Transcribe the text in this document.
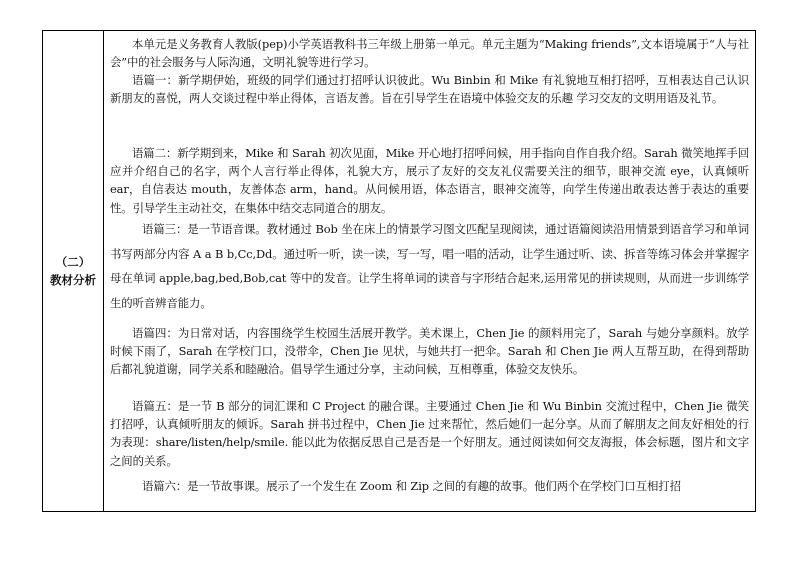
（二）
教材分析

本单元是义务教育人教版(pep)小学英语教科书三年级上册第一单元。单元主题为“Making friends”,文本语境属于“人与社会”中的社会服务与人际沟通，文明礼貌等进行学习。

语篇一：新学期伊始，班级的同学们通过打招呼认识彼此。Wu Binbin 和 Mike 有礼貌地互相打招呼，互相表达自己认识新朋友的喜悦，两人交谈过程中举止得体，言语友善。旨在引导学生在语境中体验交友的乐趣 学习交友的文明用语及礼节。

语篇二：新学期到来，Mike 和 Sarah 初次见面，Mike 开心地打招呼问候，用手指向自作自我介绍。Sarah 微笑地挥手回应并介绍自己的名字，两个人言行举止得体，礼貌大方，展示了友好的交友礼仪需要关注的细节，眼神交流 eye，认真倾听 ear，自信表达 mouth，友善体态 arm，hand。从问候用语，体态语言，眼神交流等，向学生传递出敢表达善于表达的重要性。引导学生主动社交，在集体中结交志同道合的朋友。

语篇三：是一节语音课。教材通过 Bob 坐在床上的情景学习图文匹配呈现阅读，通过语篇阅读沿用情景到语音学习和单词书写两部分内容 A a B b,Cc,Dd。通过听一听，读一读，写一写，唱一唱的活动，让学生通过听、读、拆音等练习体会并掌握字母在单词 apple,bag,bed,Bob,cat 等中的发音。让学生将单词的读音与字形结合起来,运用常见的拼读规则，从而进一步训练学生的听音辨音能力。

语篇四：为日常对话，内容围绕学生校园生活展开教学。美术课上，Chen Jie 的颜料用完了，Sarah 与她分享颜料。放学时候下雨了，Sarah 在学校门口，没带伞，Chen Jie 见状，与她共打一把伞。Sarah 和 Chen Jie 两人互帮互助，在得到帮助后都礼貌道谢，同学关系和睦融洽。倡导学生通过分享，主动问候，互相尊重，体验交友快乐。

语篇五：是一节 B 部分的词汇课和 C Project 的融合课。主要通过 Chen Jie 和 Wu Binbin 交流过程中，Chen Jie 微笑打招呼，认真倾听朋友的倾诉。Sarah 拼书过程中，Chen Jie 过来帮忙，然后她们一起分享。从而了解朋友之间友好相处的行为表现：share/listen/help/smile. 能以此为依据反思自己是否是一个好朋友。通过阅读如何交友海报，体会标题，图片和文字之间的关系。

语篇六：是一节故事课。展示了一个发生在 Zoom 和 Zip 之间的有趣的故事。他们两个在学校门口互相打招
